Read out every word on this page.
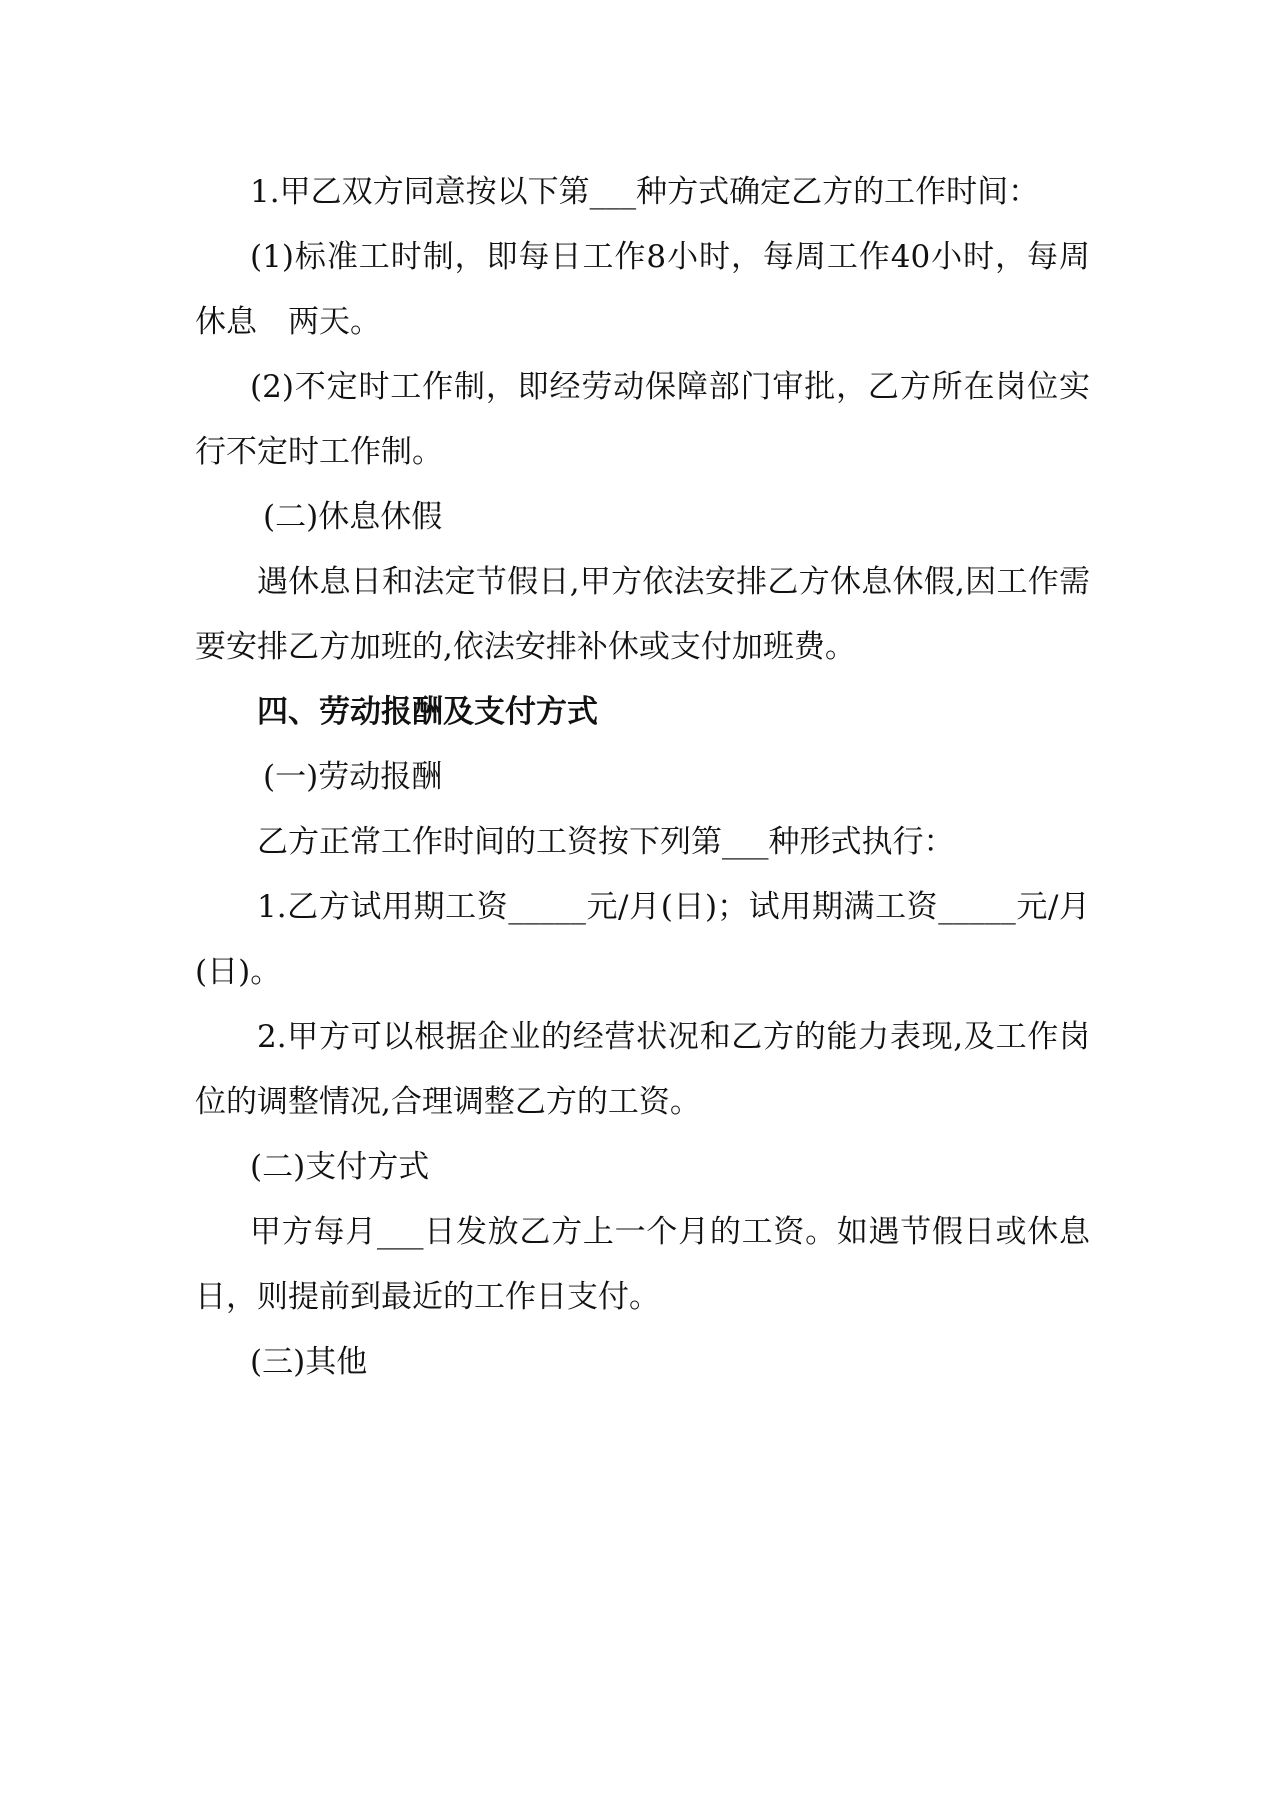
1.甲乙双方同意按以下第___种方式确定乙方的工作时间：

(1)标准工时制，即每日工作8小时，每周工作40小时，每周休息　两天。

(2)不定时工作制，即经劳动保障部门审批，乙方所在岗位实行不定时工作制。

(二)休息休假

遇休息日和法定节假日,甲方依法安排乙方休息休假,因工作需要安排乙方加班的,依法安排补休或支付加班费。

四、劳动报酬及支付方式

(一)劳动报酬

乙方正常工作时间的工资按下列第___种形式执行：

1.乙方试用期工资_____元/月(日)；试用期满工资_____元/月(日)。

2.甲方可以根据企业的经营状况和乙方的能力表现,及工作岗位的调整情况,合理调整乙方的工资。

(二)支付方式

甲方每月___日发放乙方上一个月的工资。如遇节假日或休息日，则提前到最近的工作日支付。

(三)其他
